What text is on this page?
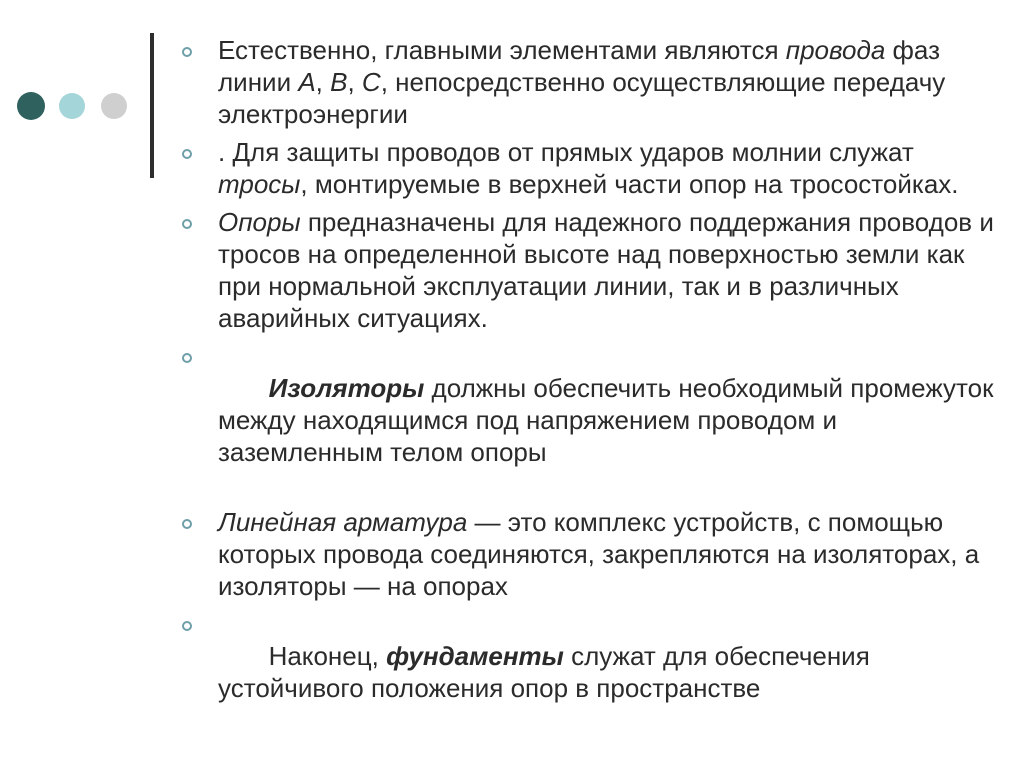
Естественно, главными элементами являются провода фаз линии A, B, C, непосредственно осуществляющие передачу электроэнергии
. Для защиты проводов от прямых ударов молнии служат тросы, монтируемые в верхней части опор на тросостойках.
Опоры предназначены для надежного поддержания проводов и тросов на определенной высоте над поверхностью земли как при нормальной эксплуатации линии, так и в различных аварийных ситуациях.

Изоляторы должны обеспечить необходимый промежуток между находящимся под напряжением проводом и заземленным телом опоры

Линейная арматура — это комплекс устройств, с помощью которых провода соединяются, закрепляются на изоляторах, а изоляторы — на опорах

Наконец, фундаменты служат для обеспечения устойчивого положения опор в пространстве
